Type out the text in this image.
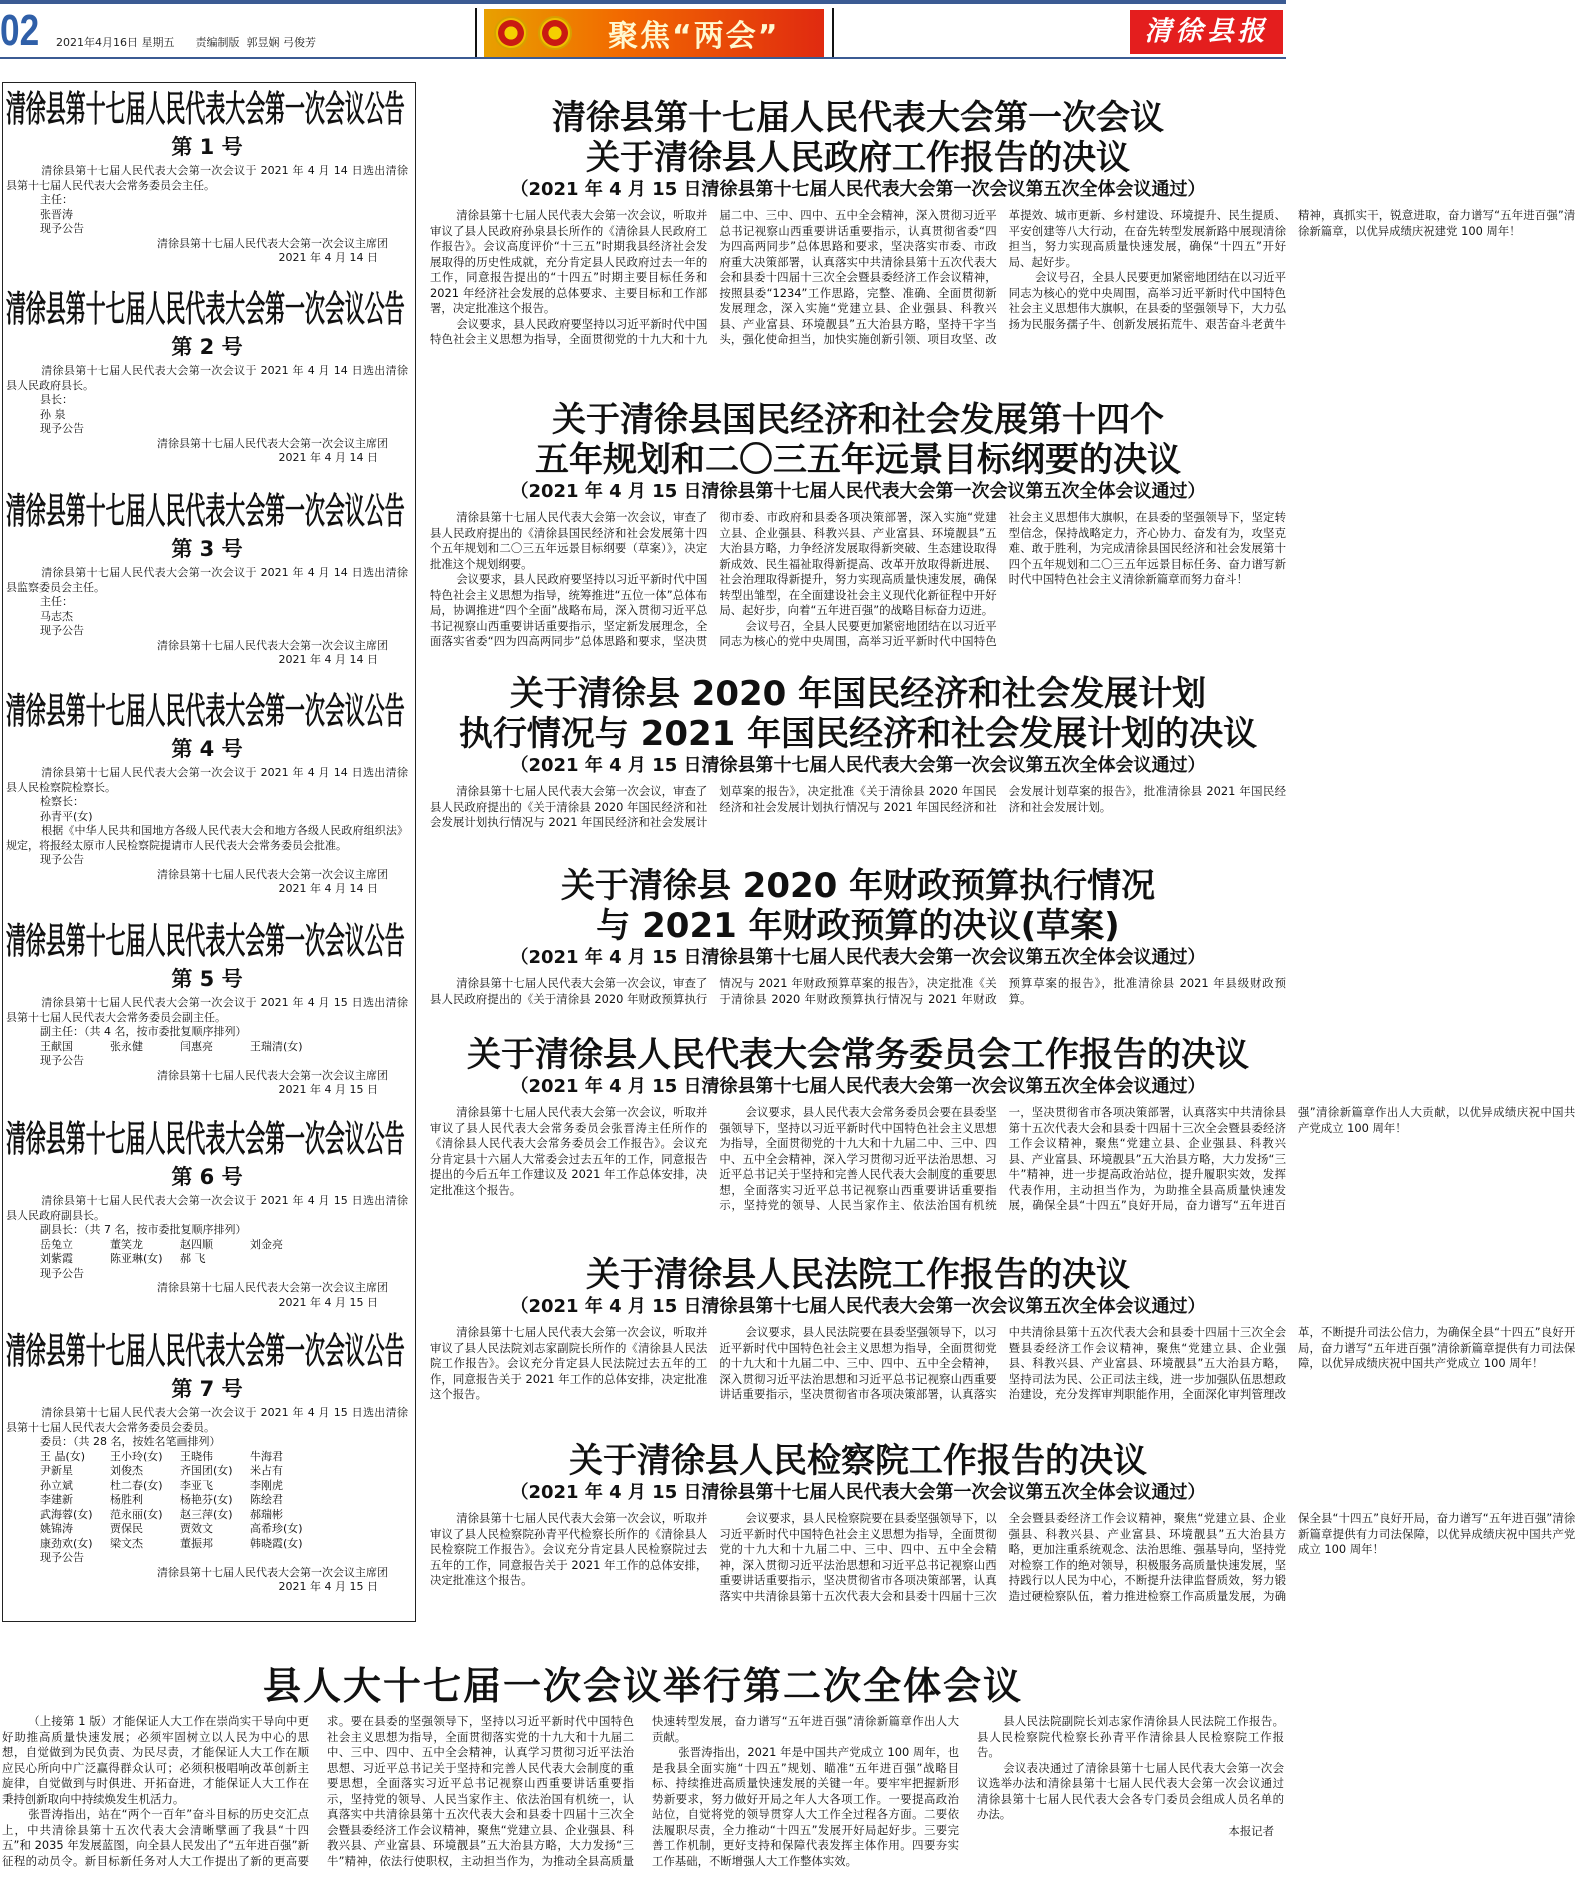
02 2021年4月16日 星期五      责编制版  郭昱娴 弓俊芳	聚焦“两会”	清徐县报
清徐县第十七届人民代表大会第一次会议公告
第 1 号
清徐县第十七届人民代表大会第一次会议于 2021 年 4 月 14 日选出清徐县第十七届人民代表大会常务委员会主任。
主任：
张晋涛
现予公告
清徐县第十七届人民代表大会第一次会议主席团
2021 年 4 月 14 日
清徐县第十七届人民代表大会第一次会议公告
第 2 号
清徐县第十七届人民代表大会第一次会议于 2021 年 4 月 14 日选出清徐县人民政府县长。
县长：
孙 泉
现予公告
清徐县第十七届人民代表大会第一次会议主席团
2021 年 4 月 14 日
清徐县第十七届人民代表大会第一次会议公告
第 3 号
清徐县第十七届人民代表大会第一次会议于 2021 年 4 月 14 日选出清徐县监察委员会主任。
主任：
马志杰
现予公告
清徐县第十七届人民代表大会第一次会议主席团
2021 年 4 月 14 日
清徐县第十七届人民代表大会第一次会议公告
第 4 号
清徐县第十七届人民代表大会第一次会议于 2021 年 4 月 14 日选出清徐县人民检察院检察长。
检察长：
孙青平(女)
根据《中华人民共和国地方各级人民代表大会和地方各级人民政府组织法》规定，将报经太原市人民检察院提请市人民代表大会常务委员会批准。
现予公告
清徐县第十七届人民代表大会第一次会议主席团
2021 年 4 月 14 日
清徐县第十七届人民代表大会第一次会议公告
第 5 号
清徐县第十七届人民代表大会第一次会议于 2021 年 4 月 15 日选出清徐县第十七届人民代表大会常务委员会副主任。
副主任：（共 4 名，按市委批复顺序排列）
王献国	张永健	闫惠亮	王瑞清(女)
现予公告
清徐县第十七届人民代表大会第一次会议主席团
2021 年 4 月 15 日
清徐县第十七届人民代表大会第一次会议公告
第 6 号
清徐县第十七届人民代表大会第一次会议于 2021 年 4 月 15 日选出清徐县人民政府副县长。
副县长：（共 7 名，按市委批复顺序排列）
岳兔立	董笑龙	赵四顺	刘金亮
刘紫霞	陈亚琳(女)	郝 飞
现予公告
清徐县第十七届人民代表大会第一次会议主席团
2021 年 4 月 15 日
清徐县第十七届人民代表大会第一次会议公告
第 7 号
清徐县第十七届人民代表大会第一次会议于 2021 年 4 月 15 日选出清徐县第十七届人民代表大会常务委员会委员。
委员：（共 28 名，按姓名笔画排列）
王 晶(女)	王小玲(女)	王晓伟	牛海君
尹新星	刘俊杰	齐国团(女)	米占有
孙立斌	杜二春(女)	李亚飞	李刚虎
李建新	杨胜利	杨艳芬(女)	陈绘君
武海蓉(女)	范永丽(女)	赵三萍(女)	郝瑞彬
姚锦涛	贾保民	贾效文	高希珍(女)
康劲欢(女)	梁文杰	董振邦	韩晓霞(女)
现予公告
清徐县第十七届人民代表大会第一次会议主席团
2021 年 4 月 15 日
清徐县第十七届人民代表大会第一次会议
关于清徐县人民政府工作报告的决议
（2021 年 4 月 15 日清徐县第十七届人民代表大会第一次会议第五次全体会议通过）

清徐县第十七届人民代表大会第一次会议，听取并审议了县人民政府孙泉县长所作的《清徐县人民政府工作报告》。会议高度评价“十三五”时期我县经济社会发展取得的历史性成就，充分肯定县人民政府过去一年的工作，同意报告提出的“十四五”时期主要目标任务和 2021 年经济社会发展的总体要求、主要目标和工作部署，决定批准这个报告。

会议要求，县人民政府要坚持以习近平新时代中国特色社会主义思想为指导，全面贯彻党的十九大和十九届二中、三中、四中、五中全会精神，深入贯彻习近平总书记视察山西重要讲话重要指示，认真贯彻省委“四为四高两同步”总体思路和要求，坚决落实市委、市政府重大决策部署，认真落实中共清徐县第十五次代表大会和县委十四届十三次全会暨县委经济工作会议精神，按照县委“1234”工作思路，完整、准确、全面贯彻新发展理念，深入实施“党建立县、企业强县、科教兴县、产业富县、环境靓县”五大治县方略，坚持干字当头，强化使命担当，加快实施创新引领、项目攻坚、改革提效、城市更新、乡村建设、环境提升、民生提质、平安创建等八大行动，在奋先转型发展新路中展现清徐担当，努力实现高质量快速发展，确保“十四五”开好局、起好步。

会议号召，全县人民要更加紧密地团结在以习近平同志为核心的党中央周围，高举习近平新时代中国特色社会主义思想伟大旗帜，在县委的坚强领导下，大力弘扬为民服务孺子牛、创新发展拓荒牛、艰苦奋斗老黄牛精神，真抓实干，锐意进取，奋力谱写“五年进百强”清徐新篇章，以优异成绩庆祝建党 100 周年！

关于清徐县国民经济和社会发展第十四个
五年规划和二〇三五年远景目标纲要的决议
（2021 年 4 月 15 日清徐县第十七届人民代表大会第一次会议第五次全体会议通过）

清徐县第十七届人民代表大会第一次会议，审查了县人民政府提出的《清徐县国民经济和社会发展第十四个五年规划和二〇三五年远景目标纲要（草案）》，决定批准这个规划纲要。

会议要求，县人民政府要坚持以习近平新时代中国特色社会主义思想为指导，统筹推进“五位一体”总体布局，协调推进“四个全面”战略布局，深入贯彻习近平总书记视察山西重要讲话重要指示，坚定新发展理念，全面落实省委“四为四高两同步”总体思路和要求，坚决贯彻市委、市政府和县委各项决策部署，深入实施“党建立县、企业强县、科教兴县、产业富县、环境靓县”五大治县方略，力争经济发展取得新突破、生态建设取得新成效、民生福祉取得新提高、改革开放取得新进展、社会治理取得新提升，努力实现高质量快速发展，确保转型出雏型，在全面建设社会主义现代化新征程中开好局、起好步，向着“五年进百强”的战略目标奋力迈进。

会议号召，全县人民要更加紧密地团结在以习近平同志为核心的党中央周围，高举习近平新时代中国特色社会主义思想伟大旗帜，在县委的坚强领导下，坚定转型信念，保持战略定力，齐心协力、奋发有为，攻坚克难、敢于胜利，为完成清徐县国民经济和社会发展第十四个五年规划和二〇三五年远景目标任务、奋力谱写新时代中国特色社会主义清徐新篇章而努力奋斗！

关于清徐县 2020 年国民经济和社会发展计划
执行情况与 2021 年国民经济和社会发展计划的决议
（2021 年 4 月 15 日清徐县第十七届人民代表大会第一次会议第五次全体会议通过）

清徐县第十七届人民代表大会第一次会议，审查了县人民政府提出的《关于清徐县 2020 年国民经济和社会发展计划执行情况与 2021 年国民经济和社会发展计划草案的报告》，决定批准《关于清徐县 2020 年国民经济和社会发展计划执行情况与 2021 年国民经济和社会发展计划草案的报告》，批准清徐县 2021 年国民经济和社会发展计划。

关于清徐县 2020 年财政预算执行情况
与 2021 年财政预算的决议(草案)
（2021 年 4 月 15 日清徐县第十七届人民代表大会第一次会议第五次全体会议通过）

清徐县第十七届人民代表大会第一次会议，审查了县人民政府提出的《关于清徐县 2020 年财政预算执行情况与 2021 年财政预算草案的报告》，决定批准《关于清徐县 2020 年财政预算执行情况与 2021 年财政预算草案的报告》，批准清徐县 2021 年县级财政预算。

关于清徐县人民代表大会常务委员会工作报告的决议
（2021 年 4 月 15 日清徐县第十七届人民代表大会第一次会议第五次全体会议通过）

清徐县第十七届人民代表大会第一次会议，听取并审议了县人民代表大会常务委员会张晋涛主任所作的《清徐县人民代表大会常务委员会工作报告》。会议充分肯定县十六届人大常委会过去五年的工作，同意报告提出的今后五年工作建议及 2021 年工作总体安排，决定批准这个报告。

会议要求，县人民代表大会常务委员会要在县委坚强领导下，坚持以习近平新时代中国特色社会主义思想为指导，全面贯彻党的十九大和十九届二中、三中、四中、五中全会精神，深入学习贯彻习近平法治思想、习近平总书记关于坚持和完善人民代表大会制度的重要思想，全面落实习近平总书记视察山西重要讲话重要指示，坚持党的领导、人民当家作主、依法治国有机统一，坚决贯彻省市各项决策部署，认真落实中共清徐县第十五次代表大会和县委十四届十三次全会暨县委经济工作会议精神，聚焦“党建立县、企业强县、科教兴县、产业富县、环境靓县”五大治县方略，大力发扬“三牛”精神，进一步提高政治站位，提升履职实效，发挥代表作用，主动担当作为，为助推全县高质量快速发展，确保全县“十四五”良好开局，奋力谱写“五年进百强”清徐新篇章作出人大贡献，以优异成绩庆祝中国共产党成立 100 周年！

关于清徐县人民法院工作报告的决议
（2021 年 4 月 15 日清徐县第十七届人民代表大会第一次会议第五次全体会议通过）

清徐县第十七届人民代表大会第一次会议，听取并审议了县人民法院刘志家副院长所作的《清徐县人民法院工作报告》。会议充分肯定县人民法院过去五年的工作，同意报告关于 2021 年工作的总体安排，决定批准这个报告。

会议要求，县人民法院要在县委坚强领导下，以习近平新时代中国特色社会主义思想为指导，全面贯彻党的十九大和十九届二中、三中、四中、五中全会精神，深入贯彻习近平法治思想和习近平总书记视察山西重要讲话重要指示，坚决贯彻省市各项决策部署，认真落实中共清徐县第十五次代表大会和县委十四届十三次全会暨县委经济工作会议精神，聚焦“党建立县、企业强县、科教兴县、产业富县、环境靓县”五大治县方略，坚持司法为民、公正司法主线，进一步加强队伍思想政治建设，充分发挥审判职能作用，全面深化审判管理改革，不断提升司法公信力，为确保全县“十四五”良好开局，奋力谱写“五年进百强”清徐新篇章提供有力司法保障，以优异成绩庆祝中国共产党成立 100 周年！

关于清徐县人民检察院工作报告的决议
（2021 年 4 月 15 日清徐县第十七届人民代表大会第一次会议第五次全体会议通过）

清徐县第十七届人民代表大会第一次会议，听取并审议了县人民检察院孙青平代检察长所作的《清徐县人民检察院工作报告》。会议充分肯定县人民检察院过去五年的工作，同意报告关于 2021 年工作的总体安排，决定批准这个报告。

会议要求，县人民检察院要在县委坚强领导下，以习近平新时代中国特色社会主义思想为指导，全面贯彻党的十九大和十九届二中、三中、四中、五中全会精神，深入贯彻习近平法治思想和习近平总书记视察山西重要讲话重要指示，坚决贯彻省市各项决策部署，认真落实中共清徐县第十五次代表大会和县委十四届十三次全会暨县委经济工作会议精神，聚焦“党建立县、企业强县、科教兴县、产业富县、环境靓县”五大治县方略，更加注重系统观念、法治思维、强基导向，坚持党对检察工作的绝对领导，积极服务高质量快速发展，坚持践行以人民为中心，不断提升法律监督质效，努力锻造过硬检察队伍，着力推进检察工作高质量发展，为确保全县“十四五”良好开局，奋力谱写“五年进百强”清徐新篇章提供有力司法保障，以优异成绩庆祝中国共产党成立 100 周年！

县人大十七届一次会议举行第二次全体会议

（上接第 1 版）才能保证人大工作在崇尚实干导向中更好助推高质量快速发展；必须牢固树立以人民为中心的思想，自觉做到为民负责、为民尽责，才能保证人大工作在顺应民心所向中广泛赢得群众认可；必须积极唱响改革创新主旋律，自觉做到与时俱进、开拓奋进，才能保证人大工作在秉持创新取向中持续焕发生机活力。

张晋涛指出，站在“两个一百年”奋斗目标的历史交汇点上，中共清徐县第十五次代表大会清晰擘画了我县“十四五”和 2035 年发展蓝图，向全县人民发出了“五年进百强”新征程的动员令。新目标新任务对人大工作提出了新的更高要求。要在县委的坚强领导下，坚持以习近平新时代中国特色社会主义思想为指导，全面贯彻落实党的十九大和十九届二中、三中、四中、五中全会精神，认真学习贯彻习近平法治思想、习近平总书记关于坚持和完善人民代表大会制度的重要思想，全面落实习近平总书记视察山西重要讲话重要指示，坚持党的领导、人民当家作主、依法治国有机统一，认真落实中共清徐县第十五次代表大会和县委十四届十三次全会暨县委经济工作会议精神，聚焦“党建立县、企业强县、科教兴县、产业富县、环境靓县”五大治县方略，大力发扬“三牛”精神，依法行使职权，主动担当作为，为推动全县高质量快速转型发展，奋力谱写“五年进百强”清徐新篇章作出人大贡献。

张晋涛指出，2021 年是中国共产党成立 100 周年，也是我县全面实施“十四五”规划、瞄准“五年进百强”战略目标、持续推进高质量快速发展的关键一年。要牢牢把握新形势新要求，努力做好开局之年人大各项工作。一要提高政治站位，自觉将党的领导贯穿人大工作全过程各方面。二要依法履职尽责，全力推动“十四五”发展开好局起好步。三要完善工作机制，更好支持和保障代表发挥主体作用。四要夯实工作基础，不断增强人大工作整体实效。

县人民法院副院长刘志家作清徐县人民法院工作报告。县人民检察院代检察长孙青平作清徐县人民检察院工作报告。

会议表决通过了清徐县第十七届人民代表大会第一次会议选举办法和清徐县第十七届人民代表大会第一次会议通过清徐县第十七届人民代表大会各专门委员会组成人员名单的办法。

本报记者
